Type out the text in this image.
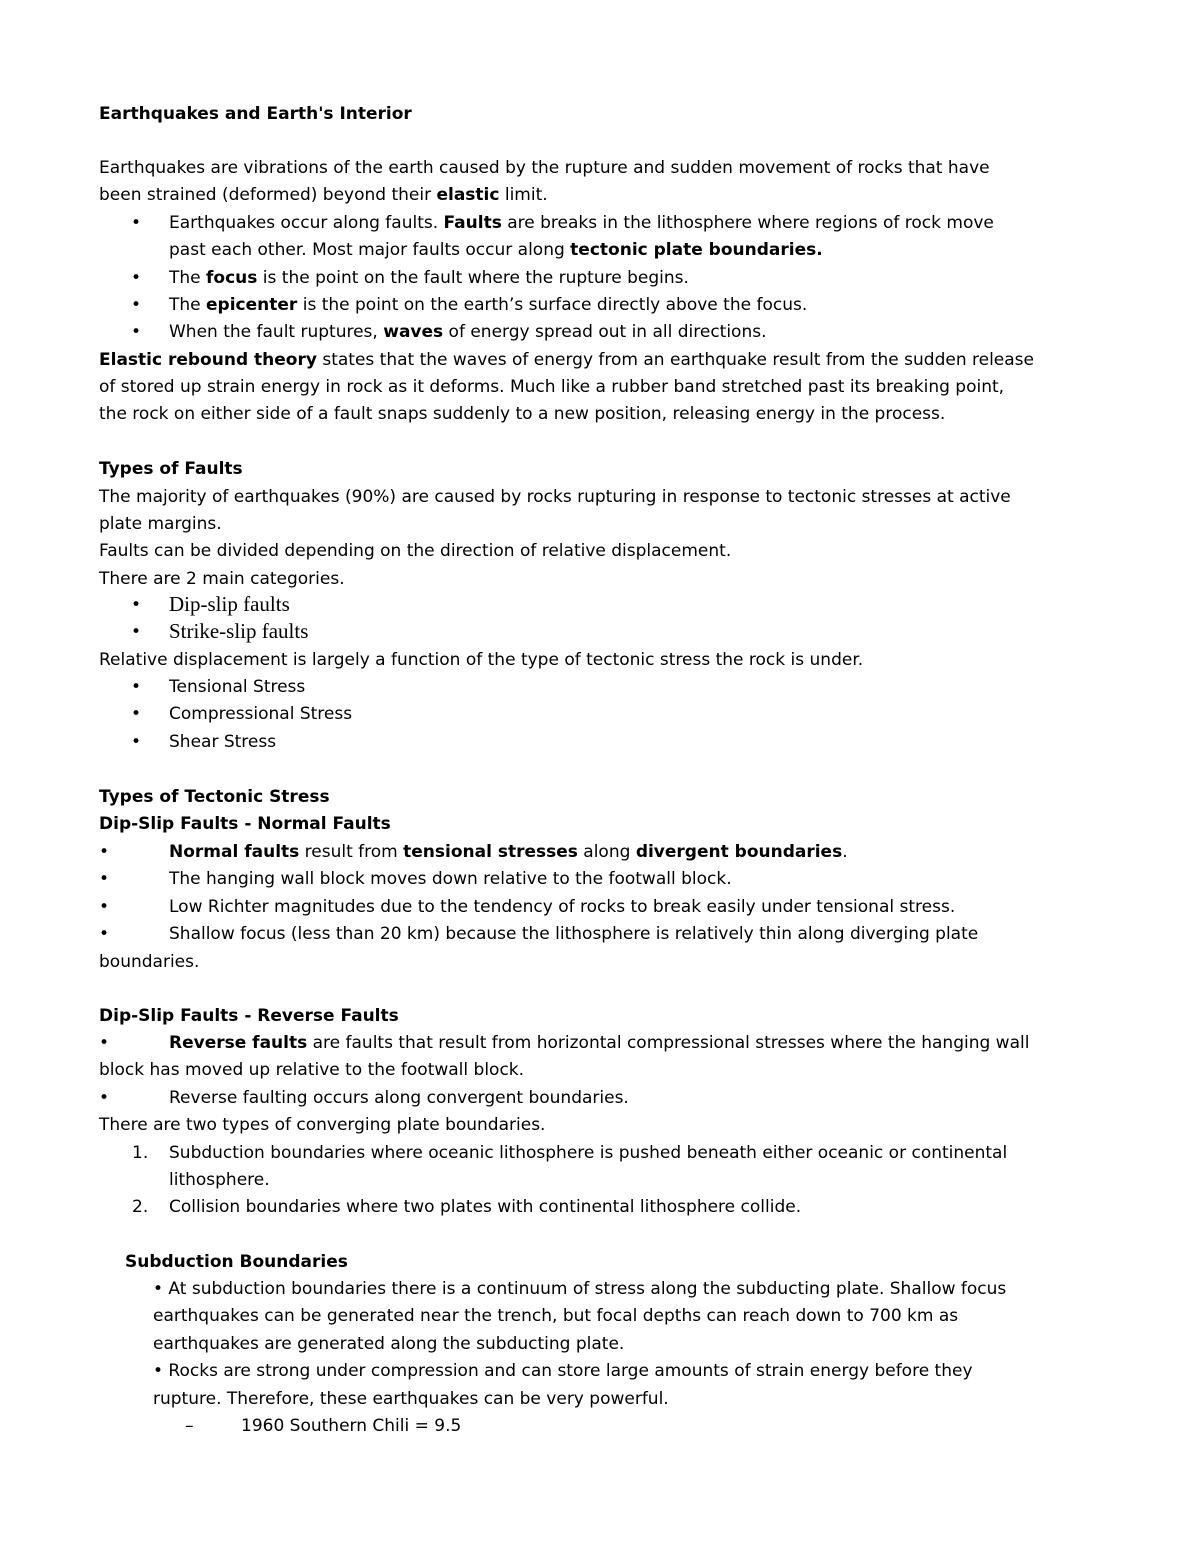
Earthquakes and Earth's Interior
Earthquakes are vibrations of the earth caused by the rupture and sudden movement of rocks that have
been strained (deformed) beyond their elastic limit.
• Earthquakes occur along faults. Faults are breaks in the lithosphere where regions of rock move
past each other. Most major faults occur along tectonic plate boundaries.
• The focus is the point on the fault where the rupture begins.
• The epicenter is the point on the earth’s surface directly above the focus.
• When the fault ruptures, waves of energy spread out in all directions.
Elastic rebound theory states that the waves of energy from an earthquake result from the sudden release
of stored up strain energy in rock as it deforms. Much like a rubber band stretched past its breaking point,
the rock on either side of a fault snaps suddenly to a new position, releasing energy in the process.
Types of Faults
The majority of earthquakes (90%) are caused by rocks rupturing in response to tectonic stresses at active
plate margins.
Faults can be divided depending on the direction of relative displacement.
There are 2 main categories.
• Dip-slip faults
• Strike-slip faults
Relative displacement is largely a function of the type of tectonic stress the rock is under.
• Tensional Stress
• Compressional Stress
• Shear Stress
Types of Tectonic Stress
Dip-Slip Faults - Normal Faults
•	Normal faults result from tensional stresses along divergent boundaries.
•	The hanging wall block moves down relative to the footwall block.
•	Low Richter magnitudes due to the tendency of rocks to break easily under tensional stress.
•	Shallow focus (less than 20 km) because the lithosphere is relatively thin along diverging plate
boundaries.
Dip-Slip Faults - Reverse Faults
•	Reverse faults are faults that result from horizontal compressional stresses where the hanging wall
block has moved up relative to the footwall block.
•	Reverse faulting occurs along convergent boundaries.
There are two types of converging plate boundaries.
1. Subduction boundaries where oceanic lithosphere is pushed beneath either oceanic or continental
lithosphere.
2. Collision boundaries where two plates with continental lithosphere collide.
Subduction Boundaries
• At subduction boundaries there is a continuum of stress along the subducting plate. Shallow focus
earthquakes can be generated near the trench, but focal depths can reach down to 700 km as
earthquakes are generated along the subducting plate.
• Rocks are strong under compression and can store large amounts of strain energy before they
rupture. Therefore, these earthquakes can be very powerful.
–	1960 Southern Chili = 9.5
